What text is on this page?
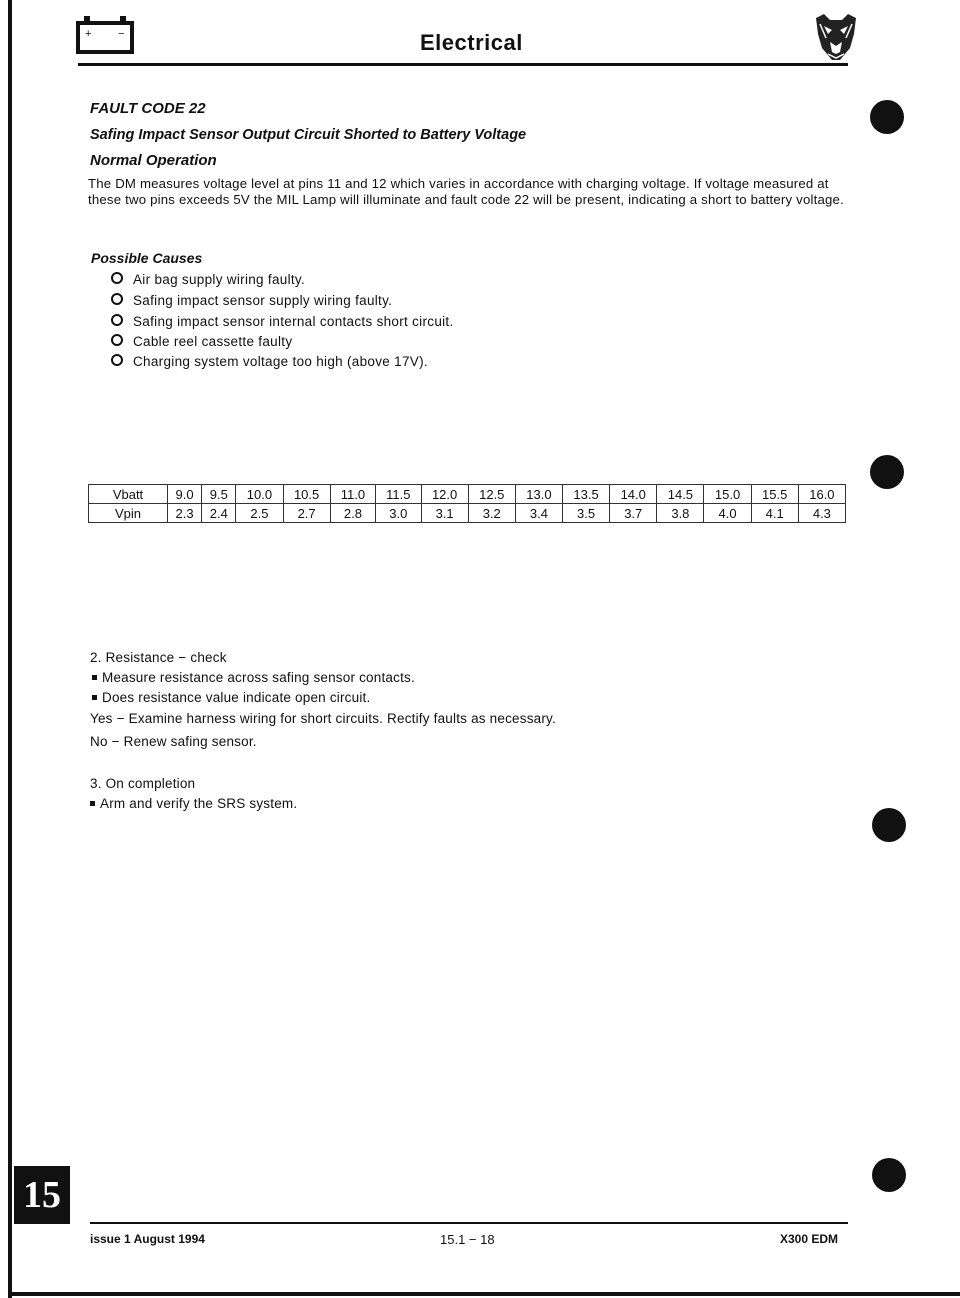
+ −	Electrical
FAULT CODE 22
Safing Impact Sensor Output Circuit Shorted to Battery Voltage
Normal Operation
The DM measures voltage level at pins 11 and 12 which varies in accordance with charging voltage. If voltage measured at these two pins exceeds 5V the MIL Lamp will illuminate and fault code 22 will be present, indicating a short to battery voltage.
Possible Causes
Air bag supply wiring faulty.
Safing impact sensor supply wiring faulty.
Safing impact sensor internal contacts short circuit.
Cable reel cassette faulty
Charging system voltage too high (above 17V).
Vbatt	9.0	9.5	10.0	10.5	11.0	11.5	12.0	12.5	13.0	13.5	14.0	14.5	15.0	15.5	16.0
Vpin	2.3	2.4	2.5	2.7	2.8	3.0	3.1	3.2	3.4	3.5	3.7	3.8	4.0	4.1	4.3
2. Resistance − check
Measure resistance across safing sensor contacts.
Does resistance value indicate open circuit.
Yes − Examine harness wiring for short circuits. Rectify faults as necessary.
No − Renew safing sensor.
3. On completion
Arm and verify the SRS system.
15
issue 1 August 1994	15.1 − 18	X300 EDM
